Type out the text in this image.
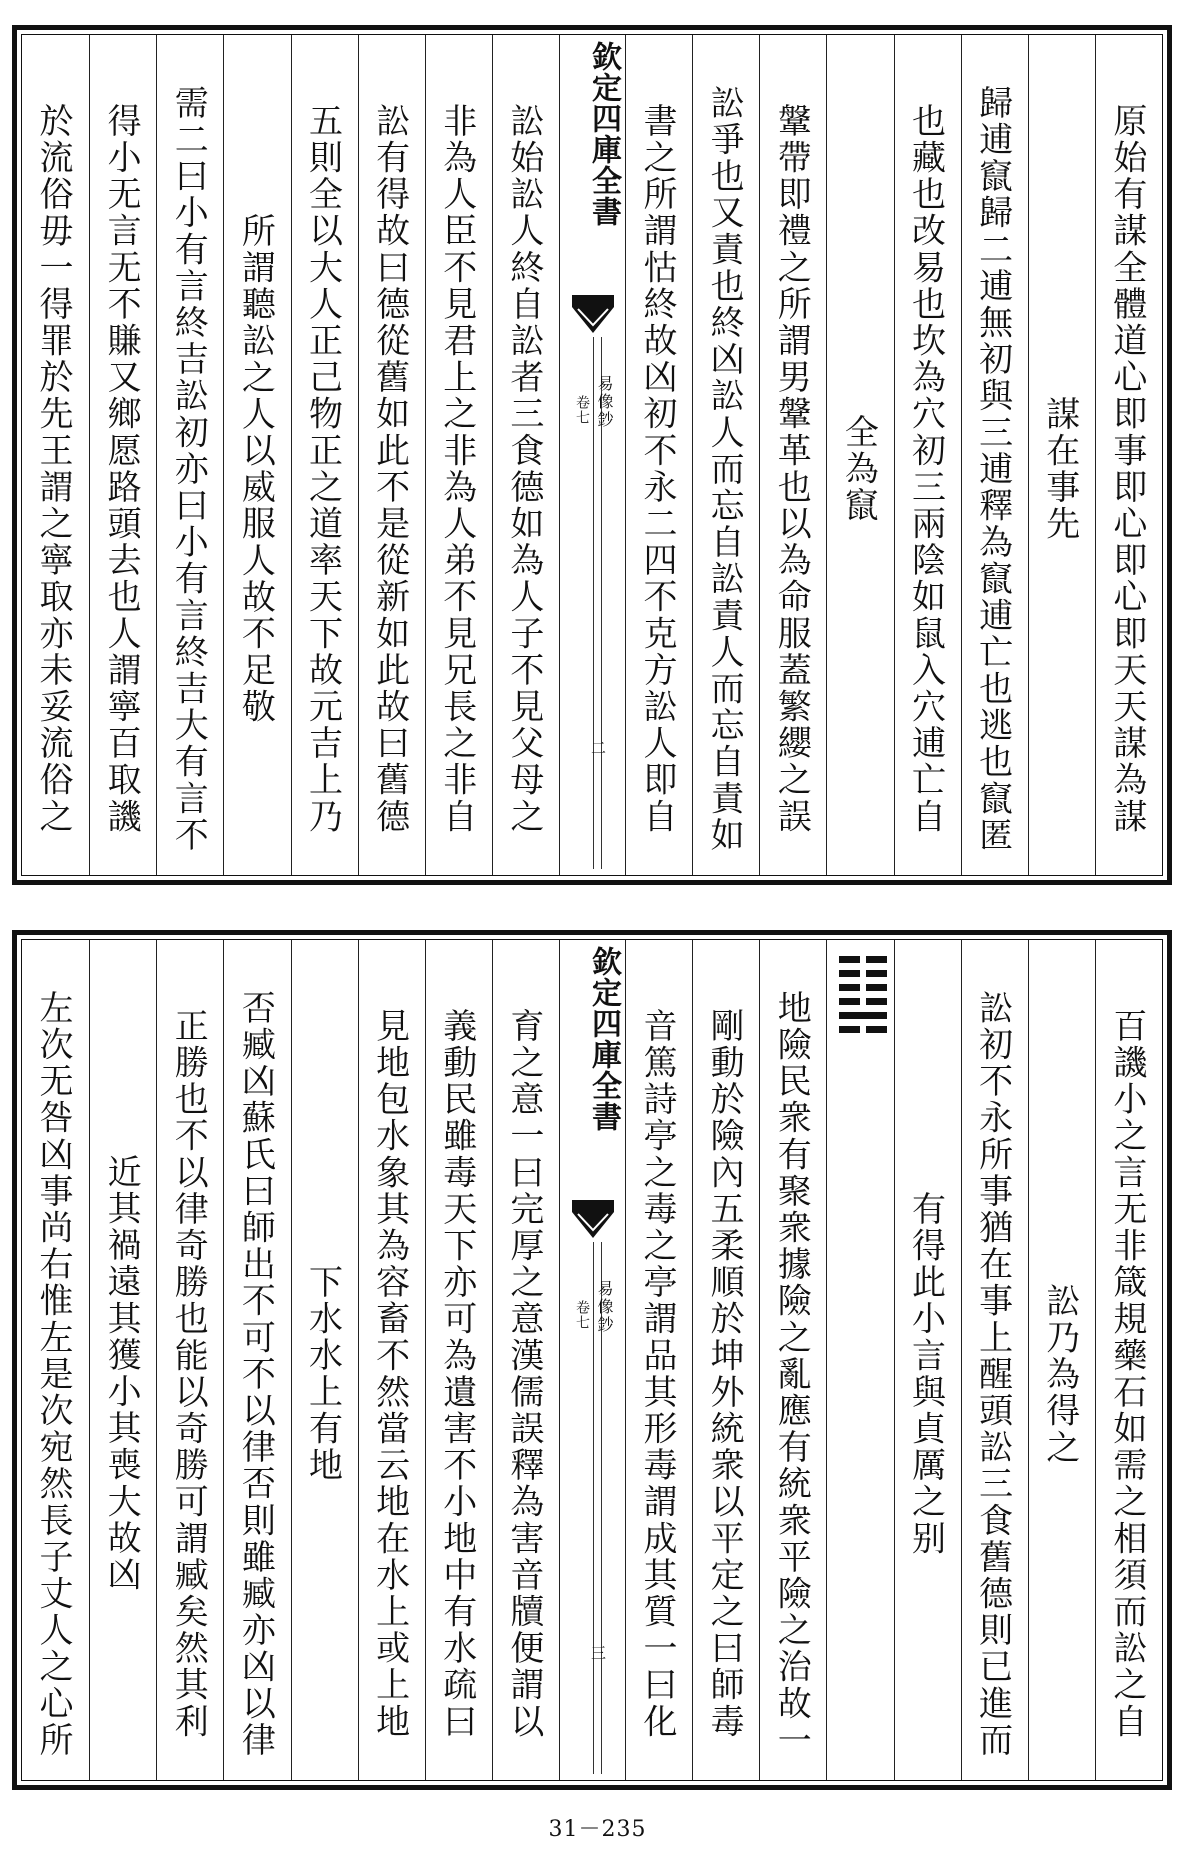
原始有謀全體道心即事即心即心即天天謀為謀
謀在事先
歸逋竄歸二逋無初與三逋釋為竄逋亡也逃也竄匿
也藏也改易也坎為穴初三兩陰如鼠入穴逋亡自
全為竄
鞶帶即禮之所謂男鞶革也以為命服蓋繁纓之誤
訟爭也又責也終凶訟人而忘自訟責人而忘自責如
書之所謂怙終故凶初不永二四不克方訟人即自
欽定四庫全書
易像鈔
卷七
二
訟始訟人終自訟者三食德如為人子不見父母之
非為人臣不見君上之非為人弟不見兄長之非自
訟有得故曰德從舊如此不是從新如此故曰舊德
五則全以大人正己物正之道率天下故元吉上乃
所謂聽訟之人以威服人故不足敬
需二曰小有言終吉訟初亦曰小有言終吉大有言不
得小无言无不賺又鄉愿路頭去也人謂寧百取譏
於流俗毋一得罪於先王謂之寧取亦未妥流俗之
百譏小之言无非箴規藥石如需之相須而訟之自
訟乃為得之
訟初不永所事猶在事上醒頭訟三食舊德則已進而
有得此小言與貞厲之别
地險民衆有聚衆據險之亂應有統衆平險之治故一
剛動於險內五柔順於坤外統衆以平定之曰師毒
音篤詩亭之毒之亭謂品其形毒謂成其質一曰化
欽定四庫全書
易像鈔
卷七
三
育之意一曰完厚之意漢儒誤釋為害音牘便謂以
義動民雖毒天下亦可為遺害不小地中有水疏曰
見地包水象其為容畜不然當云地在水上或上地
下水水上有地
否臧凶蘇氏曰師出不可不以律否則雖臧亦凶以律
正勝也不以律奇勝也能以奇勝可謂臧矣然其利
近其禍遠其獲小其喪大故凶
左次无咎凶事尚右惟左是次宛然長子丈人之心所
31－235
